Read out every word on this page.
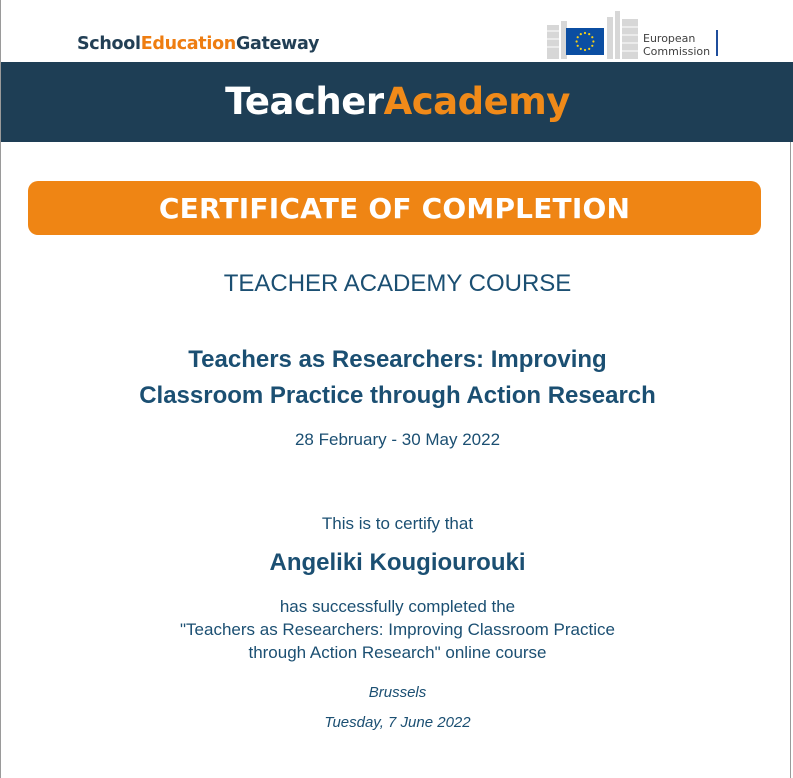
SchoolEducationGateway	European
Commission
TeacherAcademy
CERTIFICATE OF COMPLETION
TEACHER ACADEMY COURSE
Teachers as Researchers: Improving
Classroom Practice through Action Research
28 February - 30 May 2022
This is to certify that
Angeliki Kougiourouki
has successfully completed the
"Teachers as Researchers: Improving Classroom Practice
through Action Research" online course
Brussels
Tuesday, 7 June 2022
